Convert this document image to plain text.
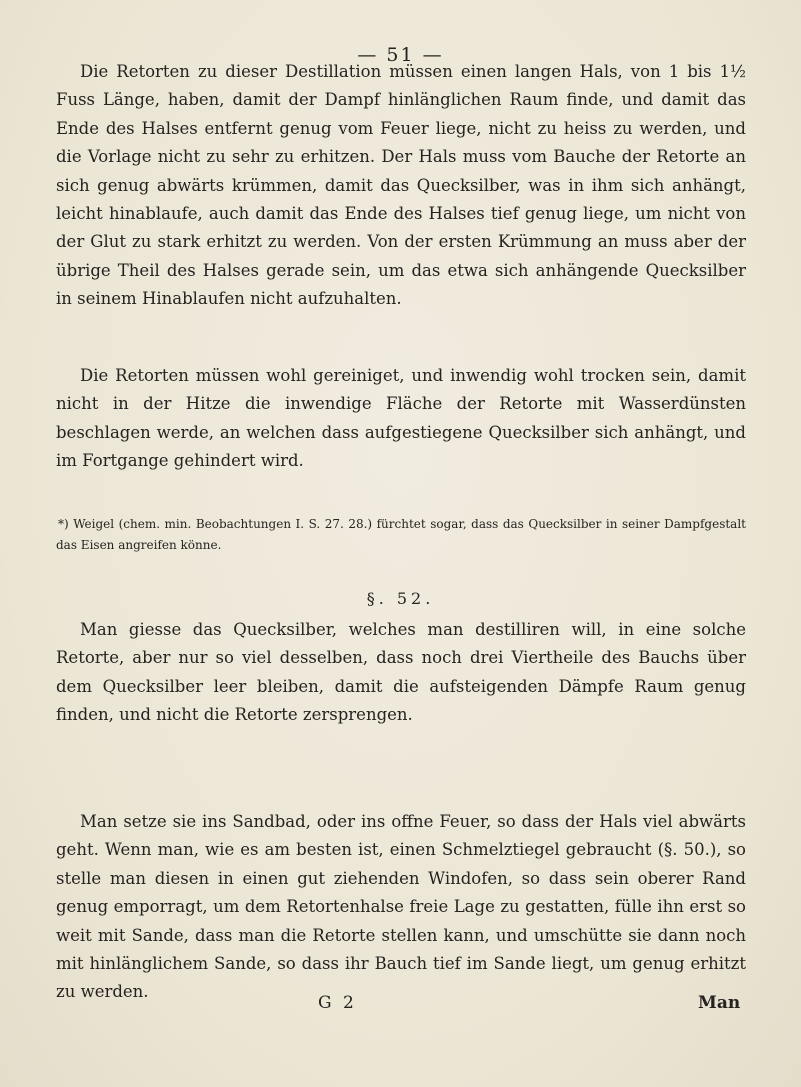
— 51 —

Die Retorten zu dieser Destillation müssen einen langen Hals, von 1 bis 1½ Fuss Länge, haben, damit der Dampf hinlänglichen Raum finde, und damit das Ende des Halses entfernt genug vom Feuer liege, nicht zu heiss zu werden, und die Vorlage nicht zu sehr zu erhitzen. Der Hals muss vom Bauche der Retorte an sich genug abwärts krümmen, damit das Quecksilber, was in ihm sich anhängt, leicht hinablaufe, auch damit das Ende des Halses tief genug liege, um nicht von der Glut zu stark erhitzt zu werden. Von der ersten Krümmung an muss aber der übrige Theil des Halses gerade sein, um das etwa sich anhängende Quecksilber in seinem Hinablaufen nicht aufzuhalten.

Die Retorten müssen wohl gereiniget, und inwendig wohl trocken sein, damit nicht in der Hitze die inwendige Fläche der Retorte mit Wasserdünsten beschlagen werde, an welchen dass aufgestiegene Quecksilber sich anhängt, und im Fortgange gehindert wird.

*) Weigel (chem. min. Beobachtungen I. S. 27. 28.) fürchtet sogar, dass das Quecksilber in seiner Dampfgestalt das Eisen angreifen könne.

§. 52.

Man giesse das Quecksilber, welches man destilliren will, in eine solche Retorte, aber nur so viel desselben, dass noch drei Viertheile des Bauchs über dem Quecksilber leer bleiben, damit die aufsteigenden Dämpfe Raum genug finden, und nicht die Retorte zersprengen.

Man setze sie ins Sandbad, oder ins offne Feuer, so dass der Hals viel abwärts geht. Wenn man, wie es am besten ist, einen Schmelztiegel gebraucht (§. 50.), so stelle man diesen in einen gut ziehenden Windofen, so dass sein oberer Rand genug emporragt, um dem Retortenhalse freie Lage zu gestatten, fülle ihn erst so weit mit Sande, dass man die Retorte stellen kann, und umschütte sie dann noch mit hinlänglichem Sande, so dass ihr Bauch tief im Sande liegt, um genug erhitzt zu werden.

G 2	Man
